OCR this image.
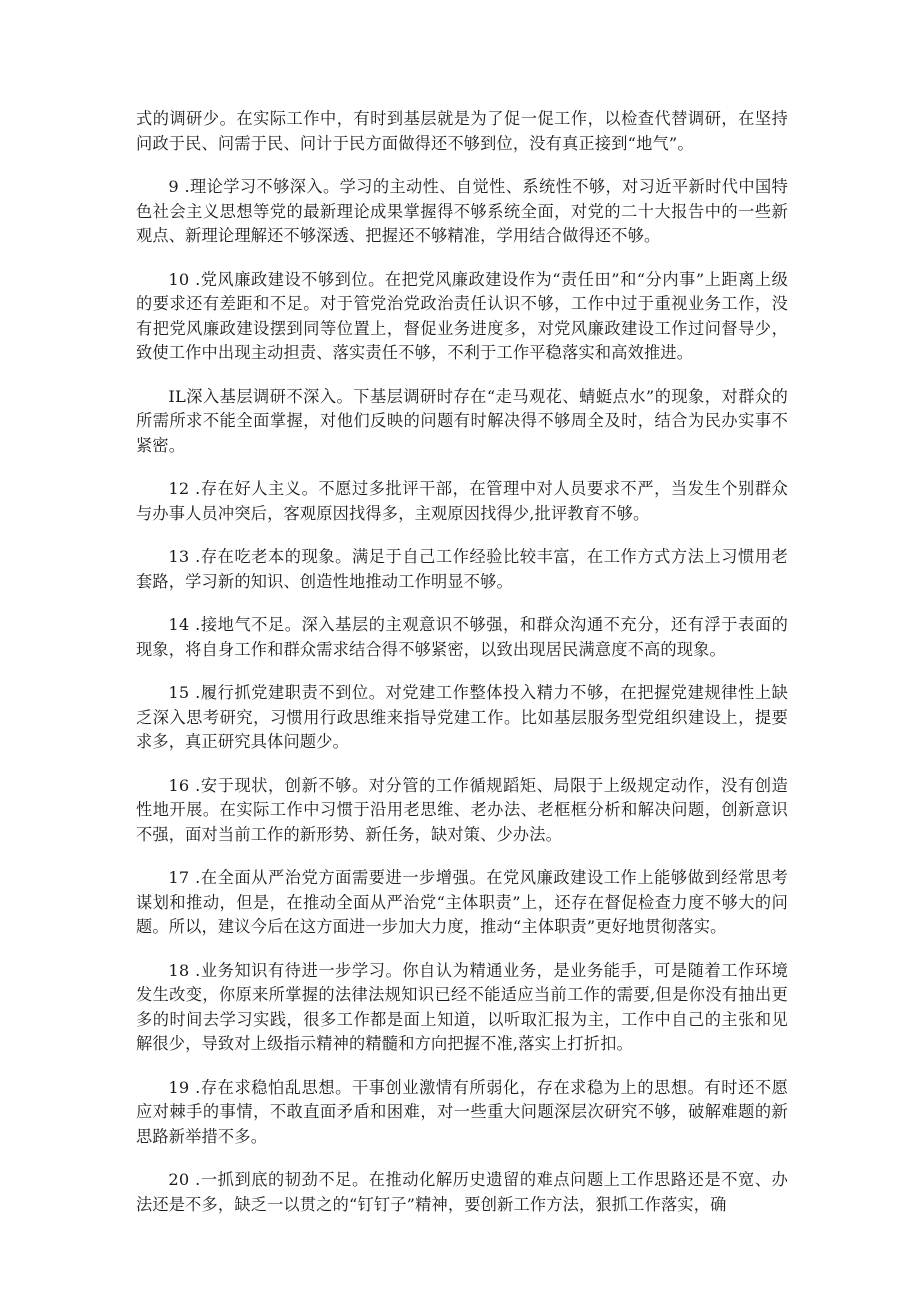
式的调研少。在实际工作中，有时到基层就是为了促一促工作，以检查代替调研，在坚持问政于民、问需于民、问计于民方面做得还不够到位，没有真正接到“地气”。

9 .理论学习不够深入。学习的主动性、自觉性、系统性不够，对习近平新时代中国特色社会主义思想等党的最新理论成果掌握得不够系统全面，对党的二十大报告中的一些新观点、新理论理解还不够深透、把握还不够精准，学用结合做得还不够。

10 .党风廉政建设不够到位。在把党风廉政建设作为“责任田”和“分内事”上距离上级的要求还有差距和不足。对于管党治党政治责任认识不够，工作中过于重视业务工作，没有把党风廉政建设摆到同等位置上，督促业务进度多，对党风廉政建设工作过问督导少，致使工作中出现主动担责、落实责任不够，不利于工作平稳落实和高效推进。

IL深入基层调研不深入。下基层调研时存在“走马观花、蜻蜓点水”的现象，对群众的所需所求不能全面掌握，对他们反映的问题有时解决得不够周全及时，结合为民办实事不紧密。

12 .存在好人主义。不愿过多批评干部，在管理中对人员要求不严，当发生个别群众与办事人员冲突后，客观原因找得多，主观原因找得少,批评教育不够。

13 .存在吃老本的现象。满足于自己工作经验比较丰富，在工作方式方法上习惯用老套路，学习新的知识、创造性地推动工作明显不够。

14 .接地气不足。深入基层的主观意识不够强，和群众沟通不充分，还有浮于表面的现象，将自身工作和群众需求结合得不够紧密，以致出现居民满意度不高的现象。

15 .履行抓党建职责不到位。对党建工作整体投入精力不够，在把握党建规律性上缺乏深入思考研究，习惯用行政思维来指导党建工作。比如基层服务型党组织建设上，提要求多，真正研究具体问题少。

16 .安于现状，创新不够。对分管的工作循规蹈矩、局限于上级规定动作，没有创造性地开展。在实际工作中习惯于沿用老思维、老办法、老框框分析和解决问题，创新意识不强，面对当前工作的新形势、新任务，缺对策、少办法。

17 .在全面从严治党方面需要进一步增强。在党风廉政建设工作上能够做到经常思考谋划和推动，但是，在推动全面从严治党“主体职责”上，还存在督促检查力度不够大的问题。所以，建议今后在这方面进一步加大力度，推动“主体职责”更好地贯彻落实。

18 .业务知识有待进一步学习。你自认为精通业务，是业务能手，可是随着工作环境发生改变，你原来所掌握的法律法规知识已经不能适应当前工作的需要,但是你没有抽出更多的时间去学习实践，很多工作都是面上知道，以听取汇报为主，工作中自己的主张和见解很少，导致对上级指示精神的精髓和方向把握不准,落实上打折扣。

19 .存在求稳怕乱思想。干事创业激情有所弱化，存在求稳为上的思想。有时还不愿应对棘手的事情，不敢直面矛盾和困难，对一些重大问题深层次研究不够，破解难题的新思路新举措不多。

20 .一抓到底的韧劲不足。在推动化解历史遗留的难点问题上工作思路还是不宽、办法还是不多，缺乏一以贯之的“钉钉子”精神，要创新工作方法，狠抓工作落实，确
